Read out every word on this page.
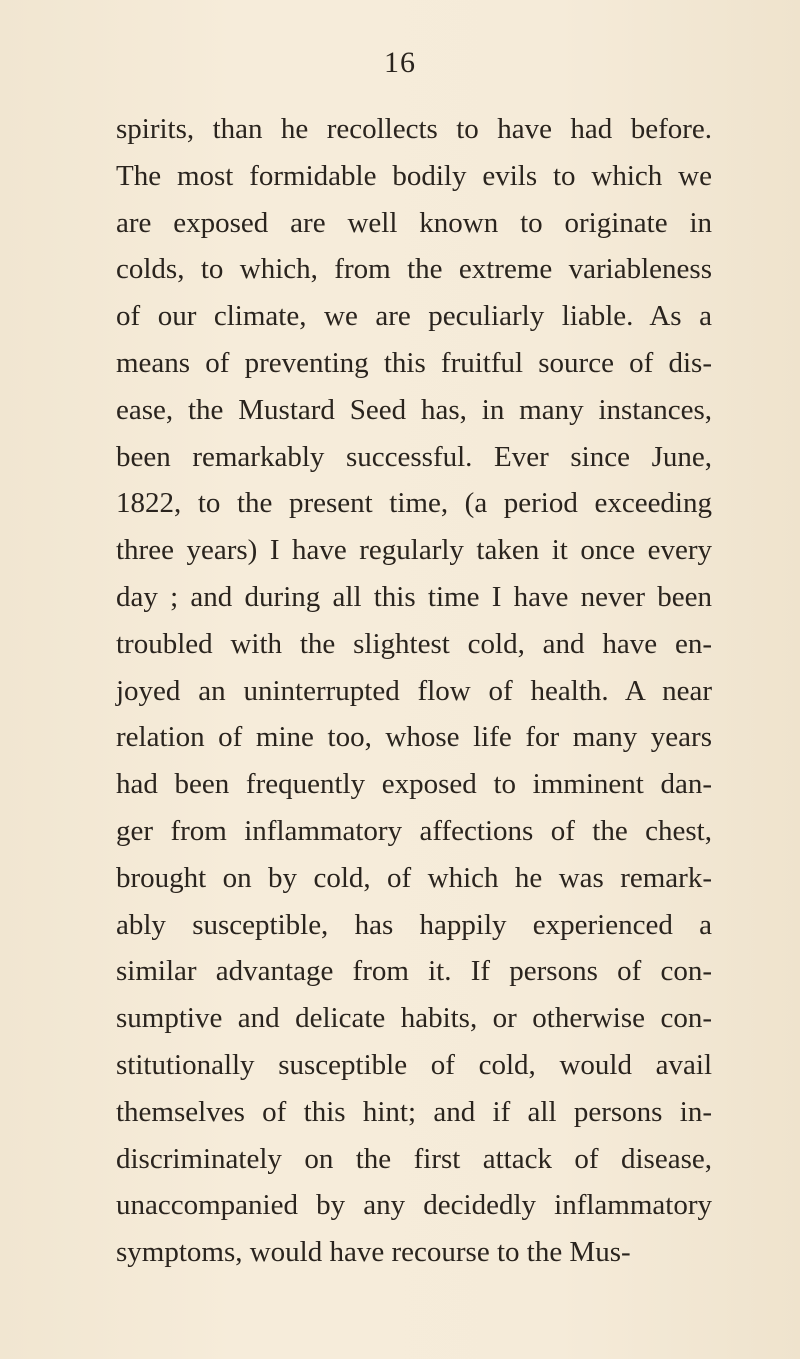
16
spirits, than he recollects to have had before.
The most formidable bodily evils to which we
are exposed are well known to originate in
colds, to which, from the extreme variableness
of our climate, we are peculiarly liable. As a
means of preventing this fruitful source of dis-
ease, the Mustard Seed has, in many instances,
been remarkably successful. Ever since June,
1822, to the present time, (a period exceeding
three years) I have regularly taken it once every
day ; and during all this time I have never been
troubled with the slightest cold, and have en-
joyed an uninterrupted flow of health. A near
relation of mine too, whose life for many years
had been frequently exposed to imminent dan-
ger from inflammatory affections of the chest,
brought on by cold, of which he was remark-
ably susceptible, has happily experienced a
similar advantage from it. If persons of con-
sumptive and delicate habits, or otherwise con-
stitutionally susceptible of cold, would avail
themselves of this hint; and if all persons in-
discriminately on the first attack of disease,
unaccompanied by any decidedly inflammatory
symptoms, would have recourse to the Mus-
